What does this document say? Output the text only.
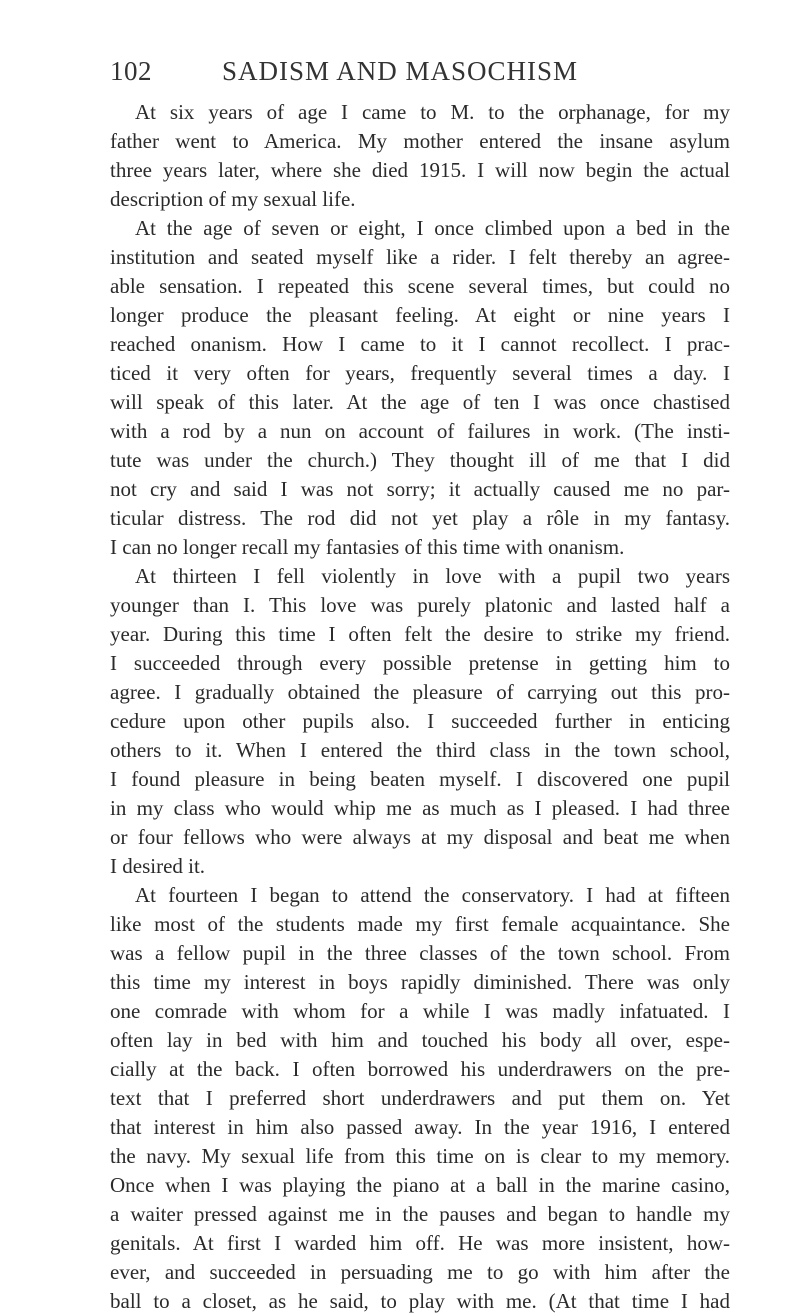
102	SADISM AND MASOCHISM
At six years of age I came to M. to the orphanage, for my
father went to America. My mother entered the insane asylum
three years later, where she died 1915. I will now begin the actual
description of my sexual life.
At the age of seven or eight, I once climbed upon a bed in the
institution and seated myself like a rider. I felt thereby an agree-
able sensation. I repeated this scene several times, but could no
longer produce the pleasant feeling. At eight or nine years I
reached onanism. How I came to it I cannot recollect. I prac-
ticed it very often for years, frequently several times a day. I
will speak of this later. At the age of ten I was once chastised
with a rod by a nun on account of failures in work. (The insti-
tute was under the church.) They thought ill of me that I did
not cry and said I was not sorry; it actually caused me no par-
ticular distress. The rod did not yet play a rôle in my fantasy.
I can no longer recall my fantasies of this time with onanism.
At thirteen I fell violently in love with a pupil two years
younger than I. This love was purely platonic and lasted half a
year. During this time I often felt the desire to strike my friend.
I succeeded through every possible pretense in getting him to
agree. I gradually obtained the pleasure of carrying out this pro-
cedure upon other pupils also. I succeeded further in enticing
others to it. When I entered the third class in the town school,
I found pleasure in being beaten myself. I discovered one pupil
in my class who would whip me as much as I pleased. I had three
or four fellows who were always at my disposal and beat me when
I desired it.
At fourteen I began to attend the conservatory. I had at fifteen
like most of the students made my first female acquaintance. She
was a fellow pupil in the three classes of the town school. From
this time my interest in boys rapidly diminished. There was only
one comrade with whom for a while I was madly infatuated. I
often lay in bed with him and touched his body all over, espe-
cially at the back. I often borrowed his underdrawers on the pre-
text that I preferred short underdrawers and put them on. Yet
that interest in him also passed away. In the year 1916, I entered
the navy. My sexual life from this time on is clear to my memory.
Once when I was playing the piano at a ball in the marine casino,
a waiter pressed against me in the pauses and began to handle my
genitals. At first I warded him off. He was more insistent, how-
ever, and succeeded in persuading me to go with him after the
ball to a closet, as he said, to play with me. (At that time I had
